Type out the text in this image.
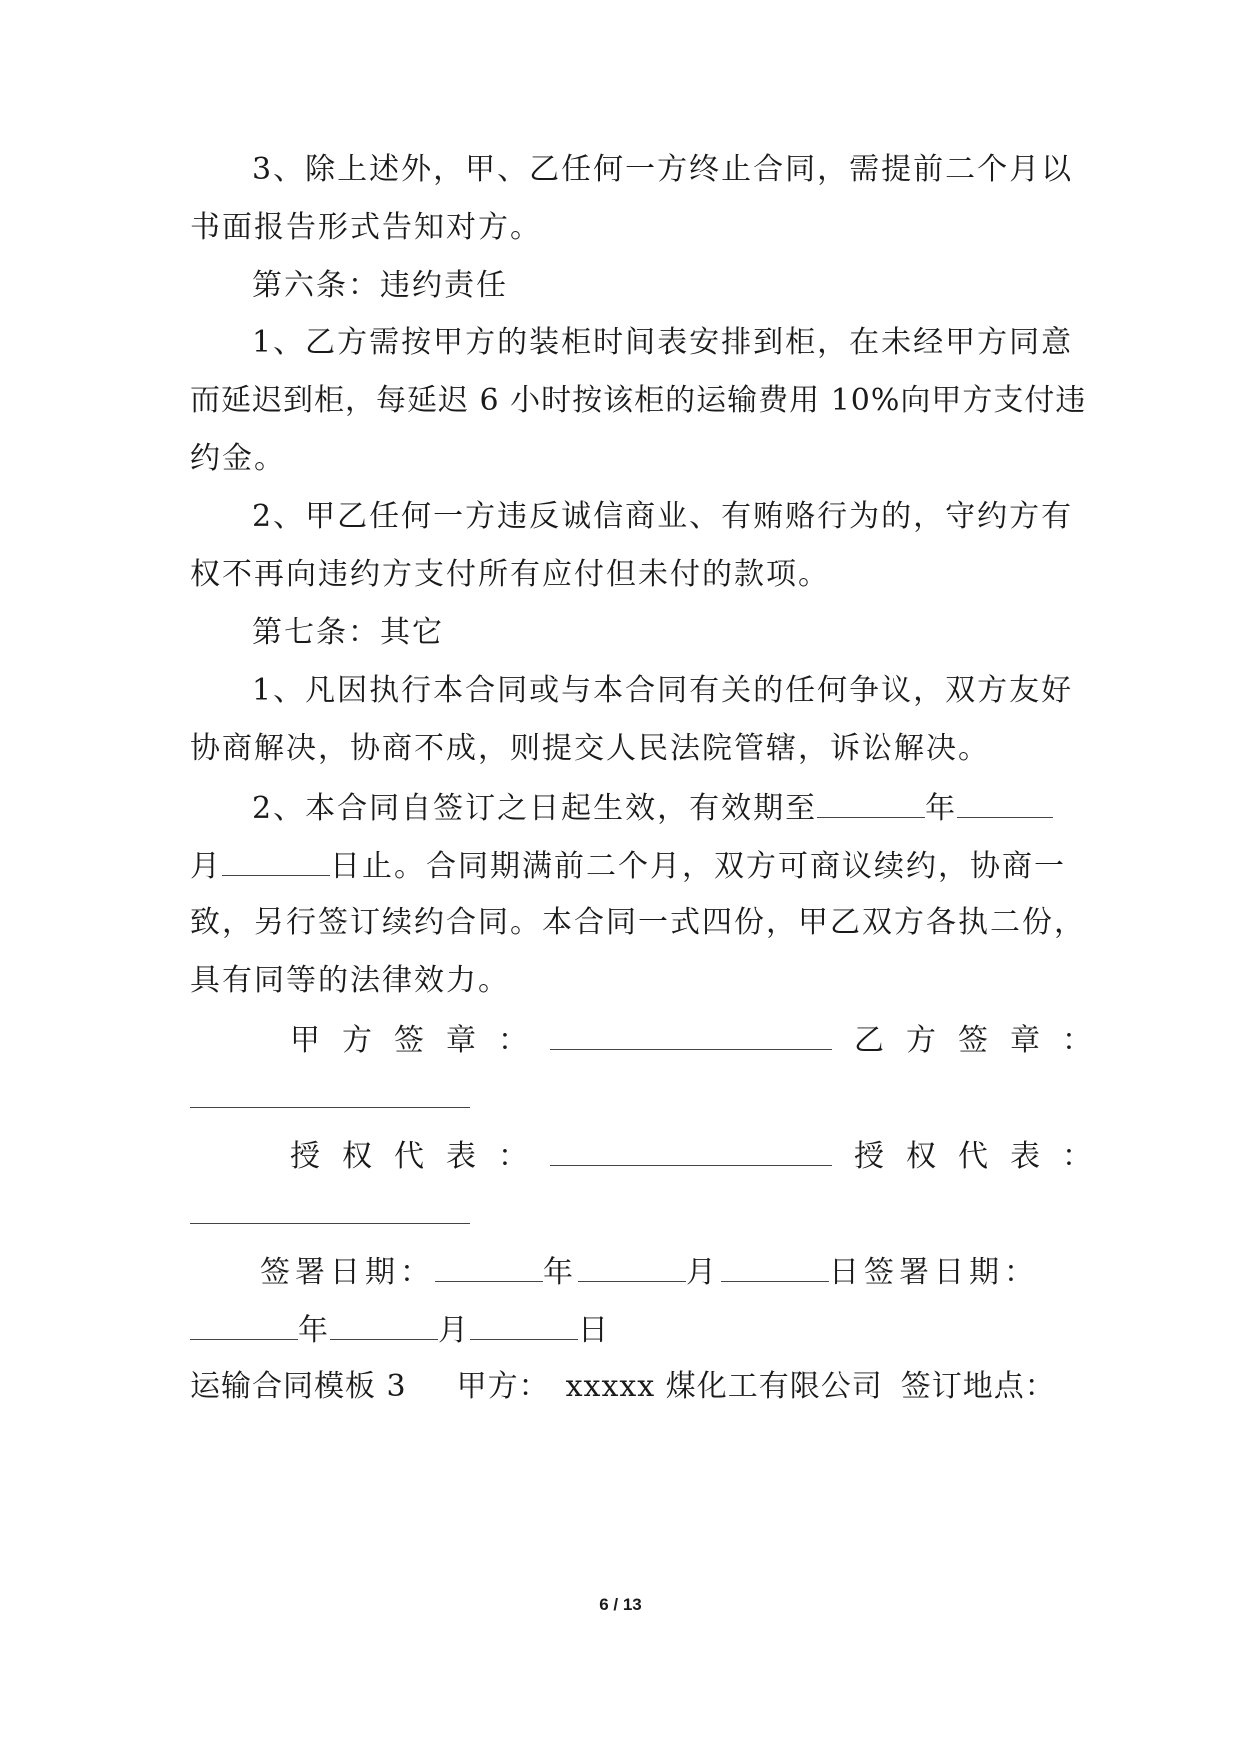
3、除上述外，甲、乙任何一方终止合同，需提前二个月以
书面报告形式告知对方。
第六条：违约责任
1、乙方需按甲方的装柜时间表安排到柜，在未经甲方同意
而延迟到柜，每延迟 6 小时按该柜的运输费用 10%向甲方支付违
约金。
2、甲乙任何一方违反诚信商业、有贿赂行为的，守约方有
权不再向违约方支付所有应付但未付的款项。
第七条：其它
1、凡因执行本合同或与本合同有关的任何争议，双方友好
协商解决，协商不成，则提交人民法院管辖，诉讼解决。
2、本合同自签订之日起生效，有效期至	年
月	日止。合同期满前二个月，双方可商议续约，协商一
致，另行签订续约合同。本合同一式四份，甲乙双方各执二份，
具有同等的法律效力。
甲方签章：	乙方签章：
授权代表：	授权代表：
签署日期：	年	月	日签署日期：
年	月	日
运输合同模板 3 甲方： xxxxx 煤化工有限公司 签订地点：
6 / 13
